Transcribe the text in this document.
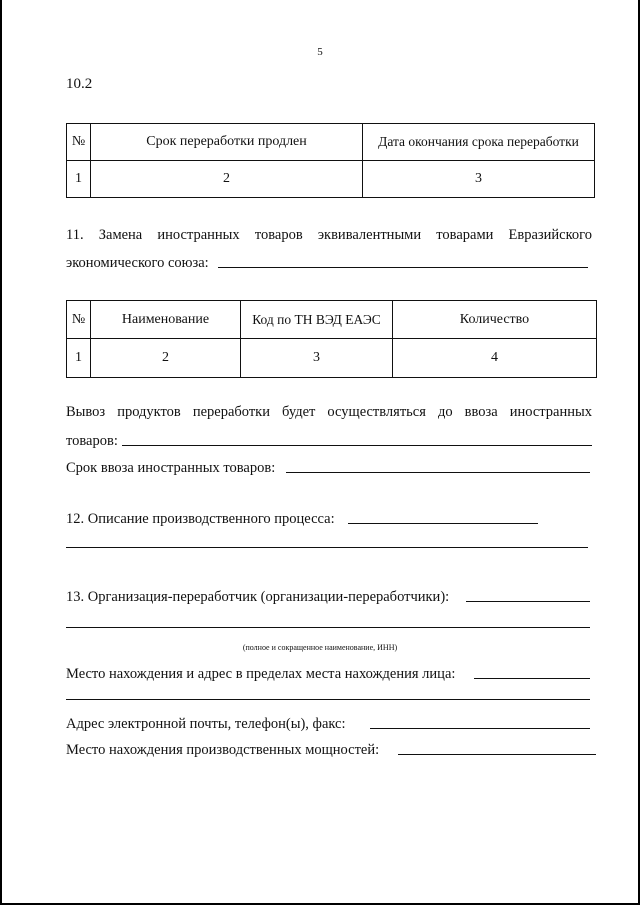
5
10.2
№	Срок переработки продлен	Дата окончания срока переработки
1	2	3
11. Замена иностранных товаров эквивалентными товарами Евразийского
экономического союза:
№	Наименование	Код по ТН ВЭД ЕАЭС	Количество
1	2	3	4
Вывоз продуктов переработки будет осуществляться до ввоза иностранных
товаров:
Срок ввоза иностранных товаров:
12. Описание производственного процесса:
13. Организация-переработчик (организации-переработчики):
(полное и сокращенное наименование, ИНН)
Место нахождения и адрес в пределах места нахождения лица:
Адрес электронной почты, телефон(ы), факс:
Место нахождения производственных мощностей:
